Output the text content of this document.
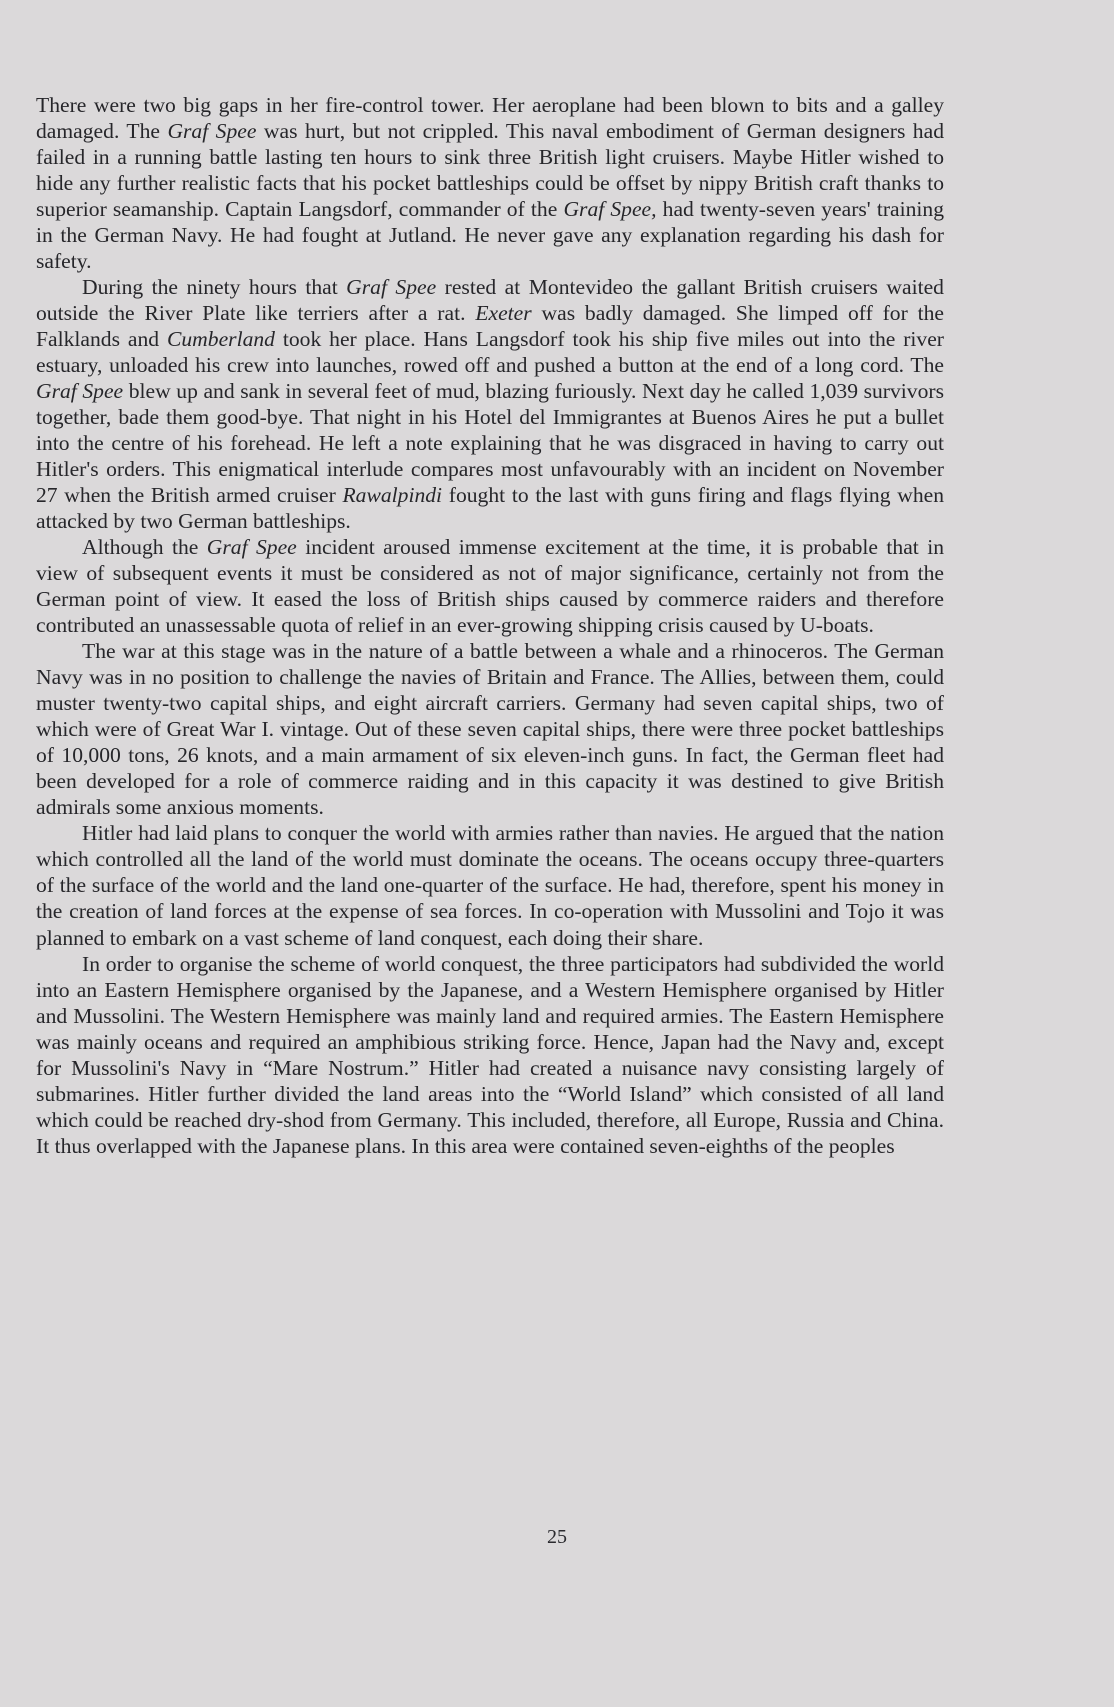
There were two big gaps in her fire-control tower. Her aeroplane had been blown to bits and a galley damaged. The Graf Spee was hurt, but not crippled. This naval embodiment of German designers had failed in a running battle lasting ten hours to sink three British light cruisers. Maybe Hitler wished to hide any further realistic facts that his pocket battleships could be offset by nippy British craft thanks to superior seamanship. Captain Langsdorf, commander of the Graf Spee, had twenty-seven years' training in the German Navy. He had fought at Jutland. He never gave any explanation regarding his dash for safety.

During the ninety hours that Graf Spee rested at Montevideo the gallant British cruisers waited outside the River Plate like terriers after a rat. Exeter was badly damaged. She limped off for the Falklands and Cumberland took her place. Hans Langsdorf took his ship five miles out into the river estuary, unloaded his crew into launches, rowed off and pushed a button at the end of a long cord. The Graf Spee blew up and sank in several feet of mud, blazing furiously. Next day he called 1,039 survivors together, bade them good-bye. That night in his Hotel del Immigrantes at Buenos Aires he put a bullet into the centre of his forehead. He left a note explaining that he was disgraced in having to carry out Hitler's orders. This enigmatical interlude compares most unfavourably with an incident on November 27 when the British armed cruiser Rawalpindi fought to the last with guns firing and flags flying when attacked by two German battleships.

Although the Graf Spee incident aroused immense excitement at the time, it is probable that in view of subsequent events it must be considered as not of major significance, certainly not from the German point of view. It eased the loss of British ships caused by commerce raiders and therefore contributed an unassessable quota of relief in an ever-growing shipping crisis caused by U-boats.

The war at this stage was in the nature of a battle between a whale and a rhinoceros. The German Navy was in no position to challenge the navies of Britain and France. The Allies, between them, could muster twenty-two capital ships, and eight aircraft carriers. Germany had seven capital ships, two of which were of Great War I. vintage. Out of these seven capital ships, there were three pocket battleships of 10,000 tons, 26 knots, and a main armament of six eleven-inch guns. In fact, the German fleet had been developed for a role of commerce raiding and in this capacity it was destined to give British admirals some anxious moments.

Hitler had laid plans to conquer the world with armies rather than navies. He argued that the nation which controlled all the land of the world must dominate the oceans. The oceans occupy three-quarters of the surface of the world and the land one-quarter of the surface. He had, therefore, spent his money in the creation of land forces at the expense of sea forces. In co-operation with Mussolini and Tojo it was planned to embark on a vast scheme of land conquest, each doing their share.

In order to organise the scheme of world conquest, the three participators had subdivided the world into an Eastern Hemisphere organised by the Japanese, and a Western Hemisphere organised by Hitler and Mussolini. The Western Hemisphere was mainly land and required armies. The Eastern Hemisphere was mainly oceans and required an amphibious striking force. Hence, Japan had the Navy and, except for Mussolini's Navy in “Mare Nostrum.” Hitler had created a nuisance navy consisting largely of submarines. Hitler further divided the land areas into the “World Island” which consisted of all land which could be reached dry-shod from Germany. This included, therefore, all Europe, Russia and China. It thus overlapped with the Japanese plans. In this area were contained seven-eighths of the peoples

25
